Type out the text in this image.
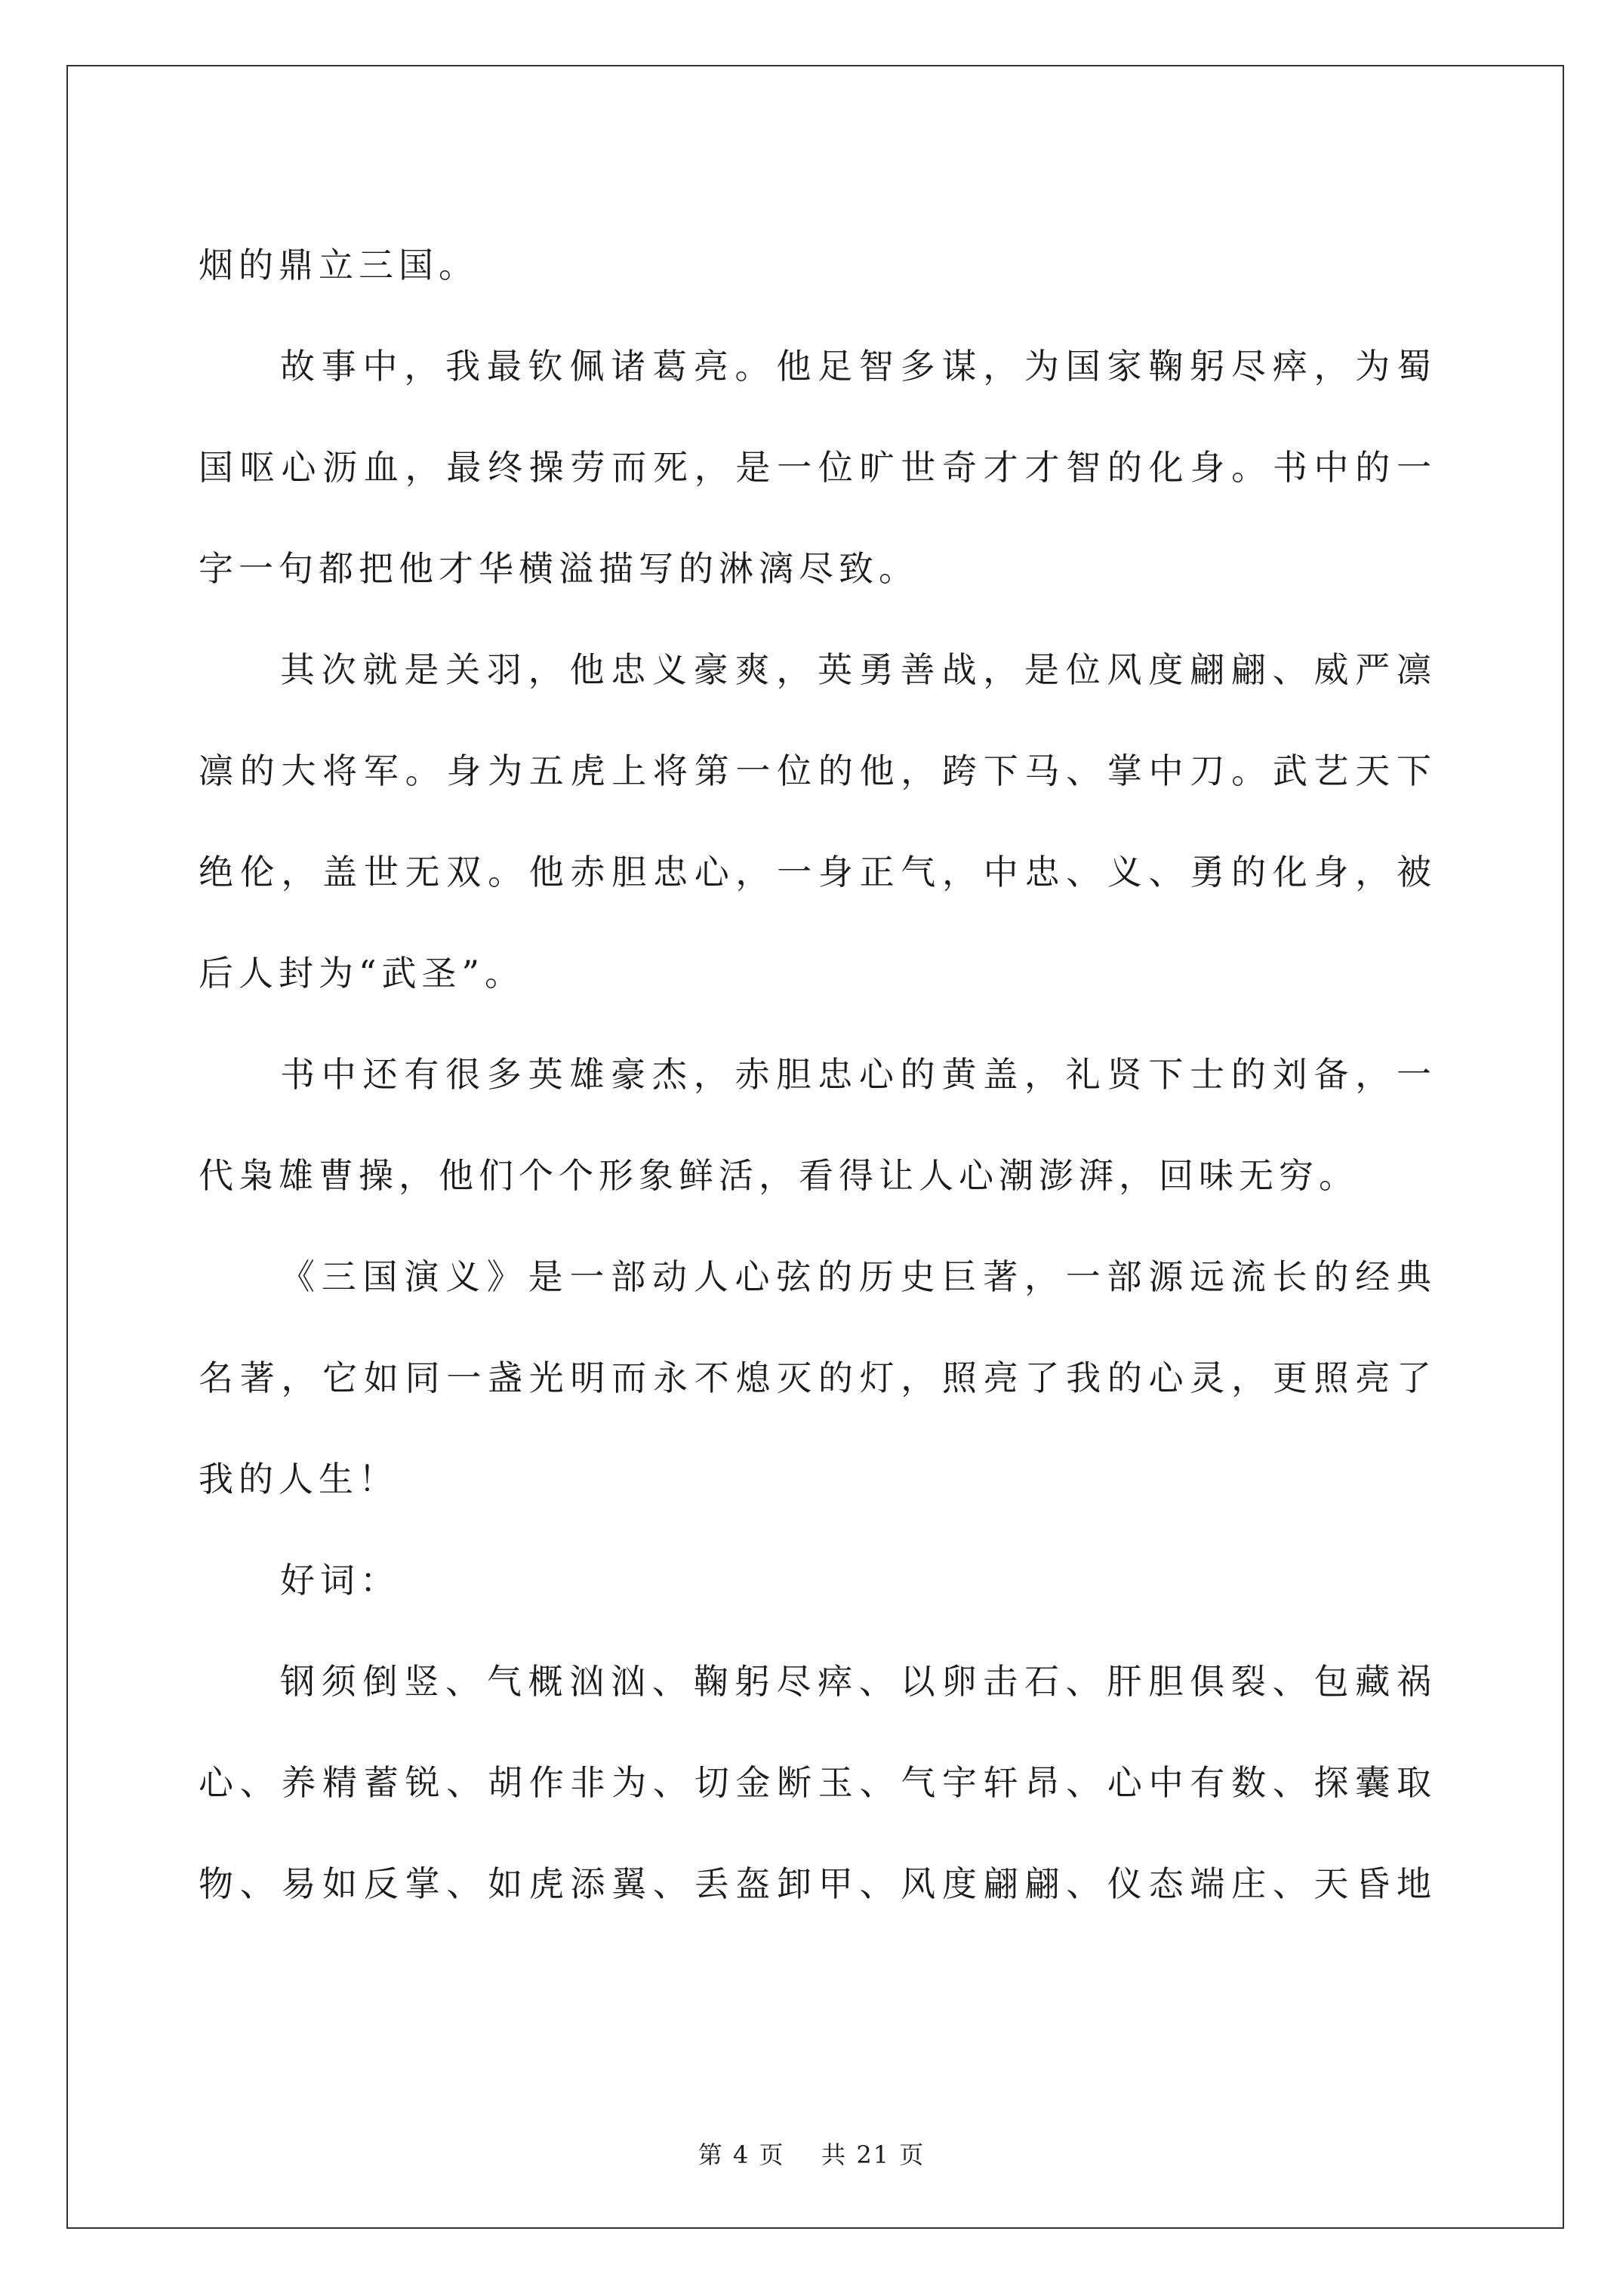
烟的鼎立三国。
故事中，我最钦佩诸葛亮。他足智多谋，为国家鞠躬尽瘁，为蜀
国呕心沥血，最终操劳而死，是一位旷世奇才才智的化身。书中的一
字一句都把他才华横溢描写的淋漓尽致。
其次就是关羽，他忠义豪爽，英勇善战，是位风度翩翩、威严凛
凛的大将军。身为五虎上将第一位的他，跨下马、掌中刀。武艺天下
绝伦，盖世无双。他赤胆忠心，一身正气，中忠、义、勇的化身，被
后人封为“武圣”。
书中还有很多英雄豪杰，赤胆忠心的黄盖，礼贤下士的刘备，一
代枭雄曹操，他们个个形象鲜活，看得让人心潮澎湃，回味无穷。
《三国演义》是一部动人心弦的历史巨著，一部源远流长的经典
名著，它如同一盏光明而永不熄灭的灯，照亮了我的心灵，更照亮了
我的人生！
好词：
钢须倒竖、气概汹汹、鞠躬尽瘁、以卵击石、肝胆俱裂、包藏祸
心、养精蓄锐、胡作非为、切金断玉、气宇轩昂、心中有数、探囊取
物、易如反掌、如虎添翼、丢盔卸甲、风度翩翩、仪态端庄、天昏地
第 4 页 共 21 页
